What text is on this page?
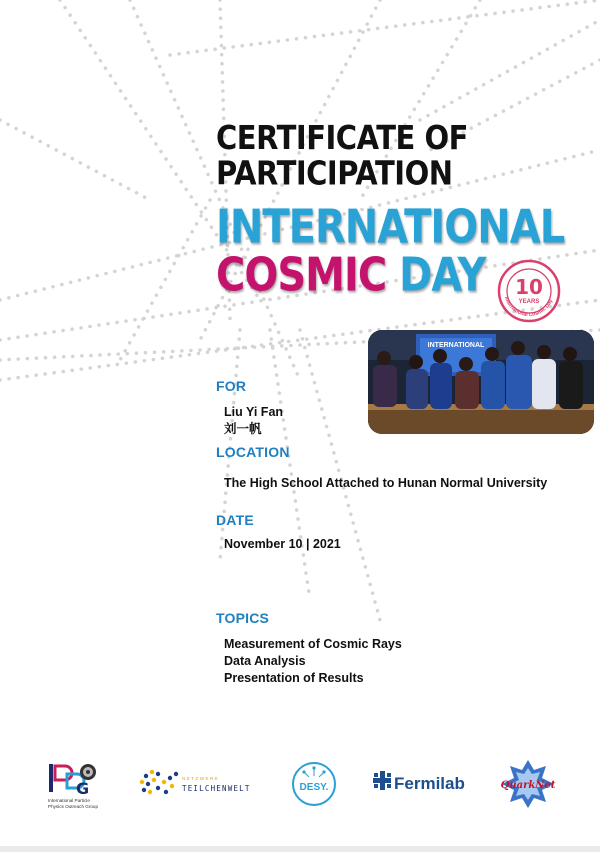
CERTIFICATE OF
PARTICIPATION
INTERNATIONAL
COSMIC DAY	International Cosmic Day
10
YEARS
INTERNATIONAL
FOR
Liu Yi Fan
刘一帆
LOCATION
The High School Attached to Hunan Normal University
DATE
November 10 | 2021
TOPICS
Measurement of Cosmic Rays
Data Analysis
Presentation of Results
G
International Particle
Physics Outreach Group
NETZWERK
TEILCHENWELT	DESY.	Fermilab	QuarkNet
